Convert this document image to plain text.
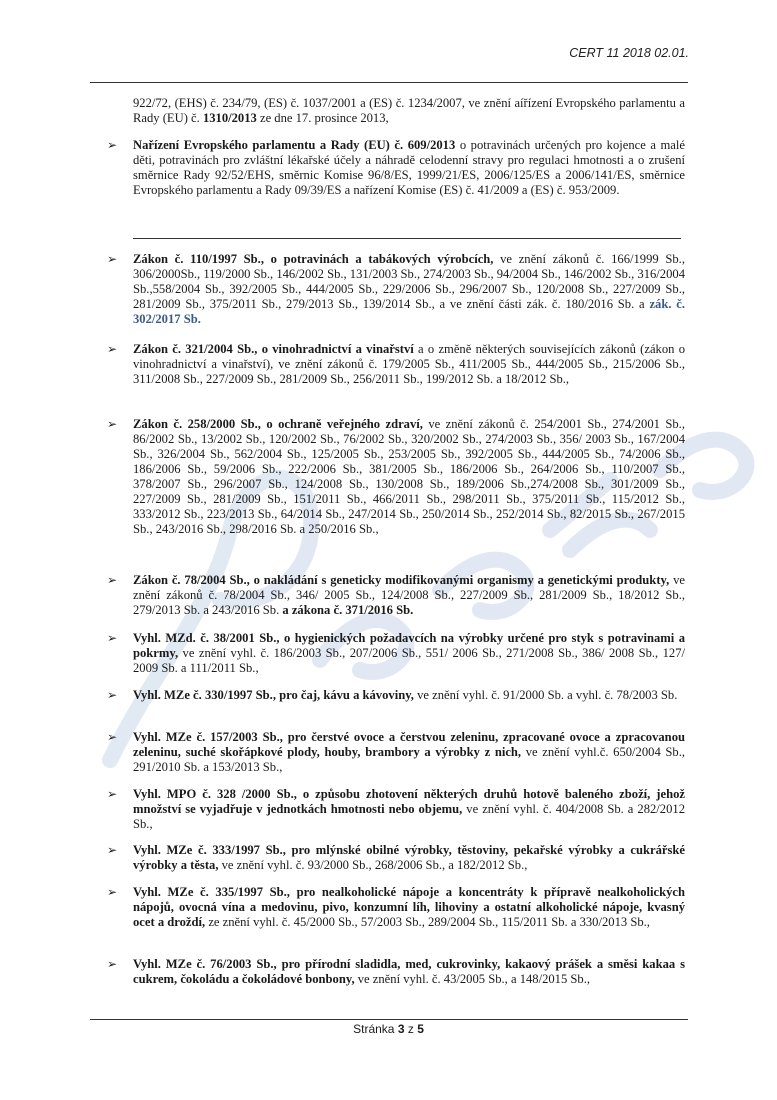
CERT 11 2018 02.01.
922/72, (EHS) č. 234/79, (ES) č. 1037/2001 a (ES) č. 1234/2007, ve znění aířízení Evropského parlamentu a Rady (EU) č. 1310/2013 ze dne 17. prosince 2013,
➢ Nařízení Evropského parlamentu a Rady (EU) č. 609/2013 o potravinách určených pro kojence a malé děti, potravinách pro zvláštní lékařské účely a náhradě celodenní stravy pro regulaci hmotnosti a o zrušení směrnice Rady 92/52/EHS, směrnic Komise 96/8/ES, 1999/21/ES, 2006/125/ES a 2006/141/ES, směrnice Evropského parlamentu a Rady 09/39/ES a nařízení Komise (ES) č. 41/2009 a (ES) č. 953/2009.
➢ Zákon č. 110/1997 Sb., o potravinách a tabákových výrobcích, ve znění zákonů č. 166/1999 Sb., 306/2000Sb., 119/2000 Sb., 146/2002 Sb., 131/2003 Sb., 274/2003 Sb., 94/2004 Sb., 146/2002 Sb., 316/2004 Sb.,558/2004 Sb., 392/2005 Sb., 444/2005 Sb., 229/2006 Sb., 296/2007 Sb., 120/2008 Sb., 227/2009 Sb., 281/2009 Sb., 375/2011 Sb., 279/2013 Sb., 139/2014 Sb., a ve znění části zák. č. 180/2016 Sb. a zák. č. 302/2017 Sb.
➢ Zákon č. 321/2004 Sb., o vinohradnictví a vinařství a o změně některých souvisejících zákonů (zákon o vinohradnictví a vinařství), ve znění zákonů č. 179/2005 Sb., 411/2005 Sb., 444/2005 Sb., 215/2006 Sb., 311/2008 Sb., 227/2009 Sb., 281/2009 Sb., 256/2011 Sb., 199/2012 Sb. a 18/2012 Sb.,
➢ Zákon č. 258/2000 Sb., o ochraně veřejného zdraví, ve znění zákonů č. 254/2001 Sb., 274/2001 Sb., 86/2002 Sb., 13/2002 Sb., 120/2002 Sb., 76/2002 Sb., 320/2002 Sb., 274/2003 Sb., 356/ 2003 Sb., 167/2004 Sb., 326/2004 Sb., 562/2004 Sb., 125/2005 Sb., 253/2005 Sb., 392/2005 Sb., 444/2005 Sb., 74/2006 Sb., 186/2006 Sb., 59/2006 Sb., 222/2006 Sb., 381/2005 Sb., 186/2006 Sb., 264/2006 Sb., 110/2007 Sb., 378/2007 Sb., 296/2007 Sb., 124/2008 Sb., 130/2008 Sb., 189/2006 Sb.,274/2008 Sb., 301/2009 Sb., 227/2009 Sb., 281/2009 Sb., 151/2011 Sb., 466/2011 Sb., 298/2011 Sb., 375/2011 Sb., 115/2012 Sb., 333/2012 Sb., 223/2013 Sb., 64/2014 Sb., 247/2014 Sb., 250/2014 Sb., 252/2014 Sb., 82/2015 Sb., 267/2015 Sb., 243/2016 Sb., 298/2016 Sb. a 250/2016 Sb.,
➢ Zákon č. 78/2004 Sb., o nakládání s geneticky modifikovanými organismy a genetickými produkty, ve znění zákonů č. 78/2004 Sb., 346/ 2005 Sb., 124/2008 Sb., 227/2009 Sb., 281/2009 Sb., 18/2012 Sb., 279/2013 Sb. a 243/2016 Sb. a zákona č. 371/2016 Sb.
➢ Vyhl. MZd. č. 38/2001 Sb., o hygienických požadavcích na výrobky určené pro styk s potravinami a pokrmy, ve znění vyhl. č. 186/2003 Sb., 207/2006 Sb., 551/ 2006 Sb., 271/2008 Sb., 386/ 2008 Sb., 127/ 2009 Sb. a 111/2011 Sb.,
➢ Vyhl. MZe č. 330/1997 Sb., pro čaj, kávu a kávoviny, ve znění vyhl. č. 91/2000 Sb. a vyhl. č. 78/2003 Sb.
➢ Vyhl. MZe č. 157/2003 Sb., pro čerstvé ovoce a čerstvou zeleninu, zpracované ovoce a zpracovanou zeleninu, suché skořápkové plody, houby, brambory a výrobky z nich, ve znění vyhl.č. 650/2004 Sb., 291/2010 Sb. a 153/2013 Sb.,
➢ Vyhl. MPO č. 328 /2000 Sb., o způsobu zhotovení některých druhů hotově baleného zboží, jehož množství se vyjadřuje v jednotkách hmotnosti nebo objemu, ve znění vyhl. č. 404/2008 Sb. a 282/2012 Sb.,
➢ Vyhl. MZe č. 333/1997 Sb., pro mlýnské obilné výrobky, těstoviny, pekařské výrobky a cukrářské výrobky a těsta, ve znění vyhl. č. 93/2000 Sb., 268/2006 Sb., a 182/2012 Sb.,
➢ Vyhl. MZe č. 335/1997 Sb., pro nealkoholické nápoje a koncentráty k přípravě nealkoholických nápojů, ovocná vína a medovinu, pivo, konzumní líh, lihoviny a ostatní alkoholické nápoje, kvasný ocet a droždí, ze znění vyhl. č. 45/2000 Sb., 57/2003 Sb., 289/2004 Sb., 115/2011 Sb. a 330/2013 Sb.,
➢ Vyhl. MZe č. 76/2003 Sb., pro přírodní sladidla, med, cukrovinky, kakaový prášek a směsi kakaa s cukrem, čokoládu a čokoládové bonbony, ve znění vyhl. č. 43/2005 Sb., a 148/2015 Sb.,
Stránka 3 z 5
